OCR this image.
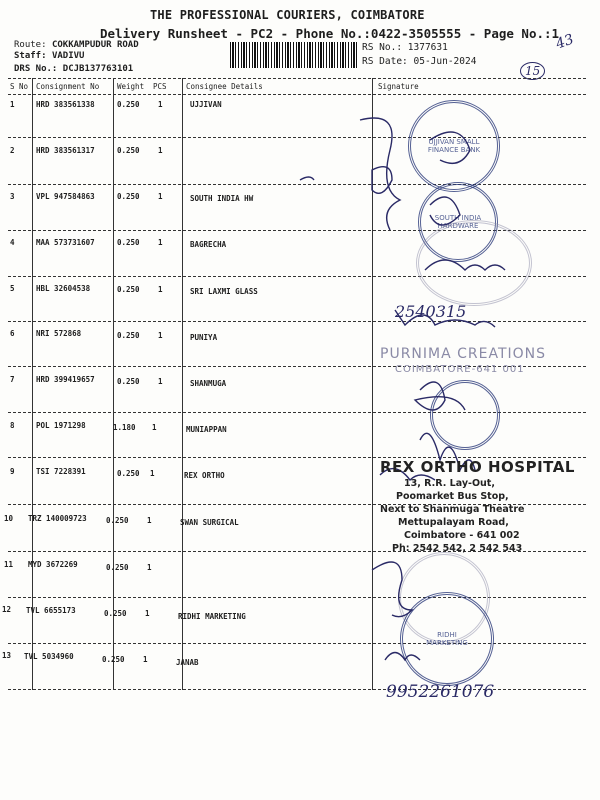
THE PROFESSIONAL COURIERS, COIMBATORE
Delivery Runsheet - PC2 - Phone No.:0422-3505555 - Page No.:1
Route: COKKAMPUDUR ROAD
Staff: VADIVU
DRS No.: DCJB137763101
RS No.: 1377631
RS Date: 05-Jun-2024
43
15
S No Consignment No Weight PCS	Consignee Details	Signature
1	HRD 383561338	0.250 1	UJJIVAN
2	HRD 383561317	0.250 1
3	VPL 947584863	0.250 1	SOUTH INDIA HW
4	MAA 573731607	0.250 1	BAGRECHA
5	HBL 32604538	0.250 1	SRI LAXMI GLASS
6	NRI 572868	0.250 1	PUNIYA
7	HRD 399419657	0.250 1	SHANMUGA
8	POL 1971298	1.180 1	MUNIAPPAN
9	TSI 7228391	0.250 1	REX ORTHO
10 TRZ 140009723	0.250 1	SWAN SURGICAL
11 MYD 3672269	0.250 1
12 TVL 6655173	0.250 1	RIDHI MARKETING
13 TVL 5034960	0.250 1	JANAB
UJJIVAN SMALL FINANCE BANK
SOUTH INDIA HARDWARE
RIDHI MARKETING
2540315
9952261076
PURNIMA CREATIONS
COIMBATORE-641 001
REX ORTHO HOSPITAL
13, R.R. Lay-Out,
Poomarket Bus Stop,
Next to Shanmuga Theatre
Mettupalayam Road,
Coimbatore - 641 002
Ph: 2542 542, 2 542 543
